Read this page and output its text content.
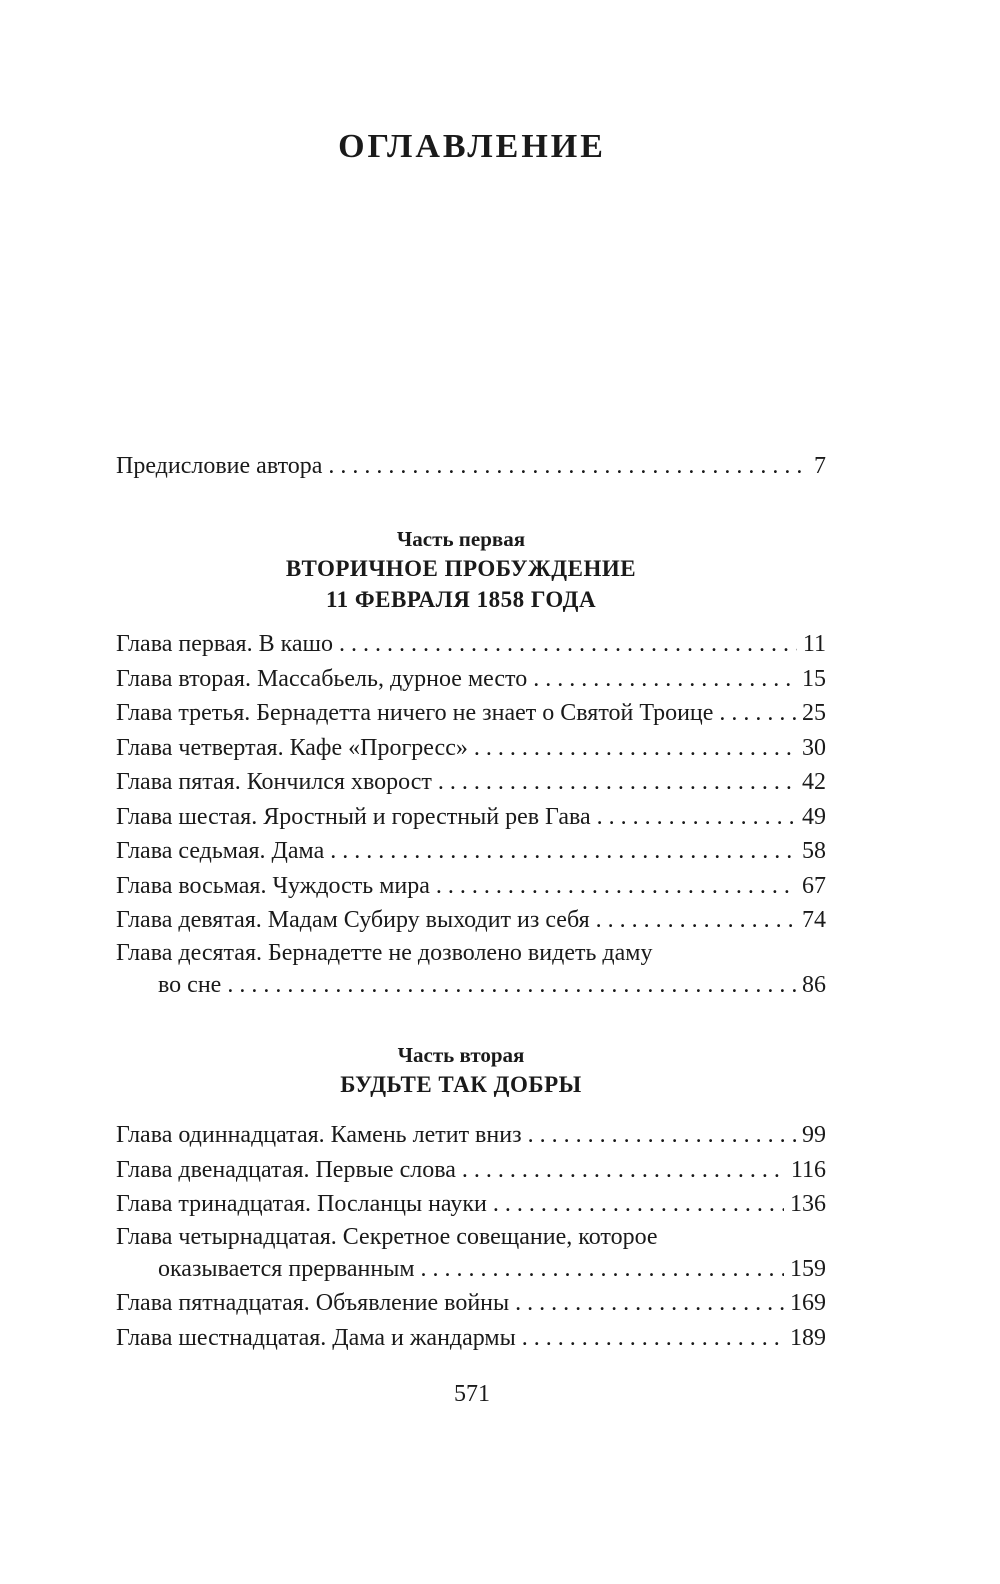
ОГЛАВЛЕНИЕ
Предисловие автора . . .	7
Часть первая
ВТОРИЧНОЕ ПРОБУЖДЕНИЕ
11 ФЕВРАЛЯ 1858 ГОДА
Глава первая. В кашо . . .	11
Глава вторая. Массабьель, дурное место . . .	15
Глава третья. Бернадетта ничего не знает о Святой Троице . . .	25
Глава четвертая. Кафе «Прогресс» . . .	30
Глава пятая. Кончился хворост . . .	42
Глава шестая. Яростный и горестный рев Гава . . .	49
Глава седьмая. Дама . . .	58
Глава восьмая. Чуждость мира . . .	67
Глава девятая. Мадам Субиру выходит из себя . . .	74
Глава десятая. Бернадетте не дозволено видеть даму
во сне . . .	86
Часть вторая
БУДЬТЕ ТАК ДОБРЫ
Глава одиннадцатая. Камень летит вниз . . .	99
Глава двенадцатая. Первые слова . . .	116
Глава тринадцатая. Посланцы науки . . .	136
Глава четырнадцатая. Секретное совещание, которое
оказывается прерванным . . .	159
Глава пятнадцатая. Объявление войны . . .	169
Глава шестнадцатая. Дама и жандармы . . .	189
571
